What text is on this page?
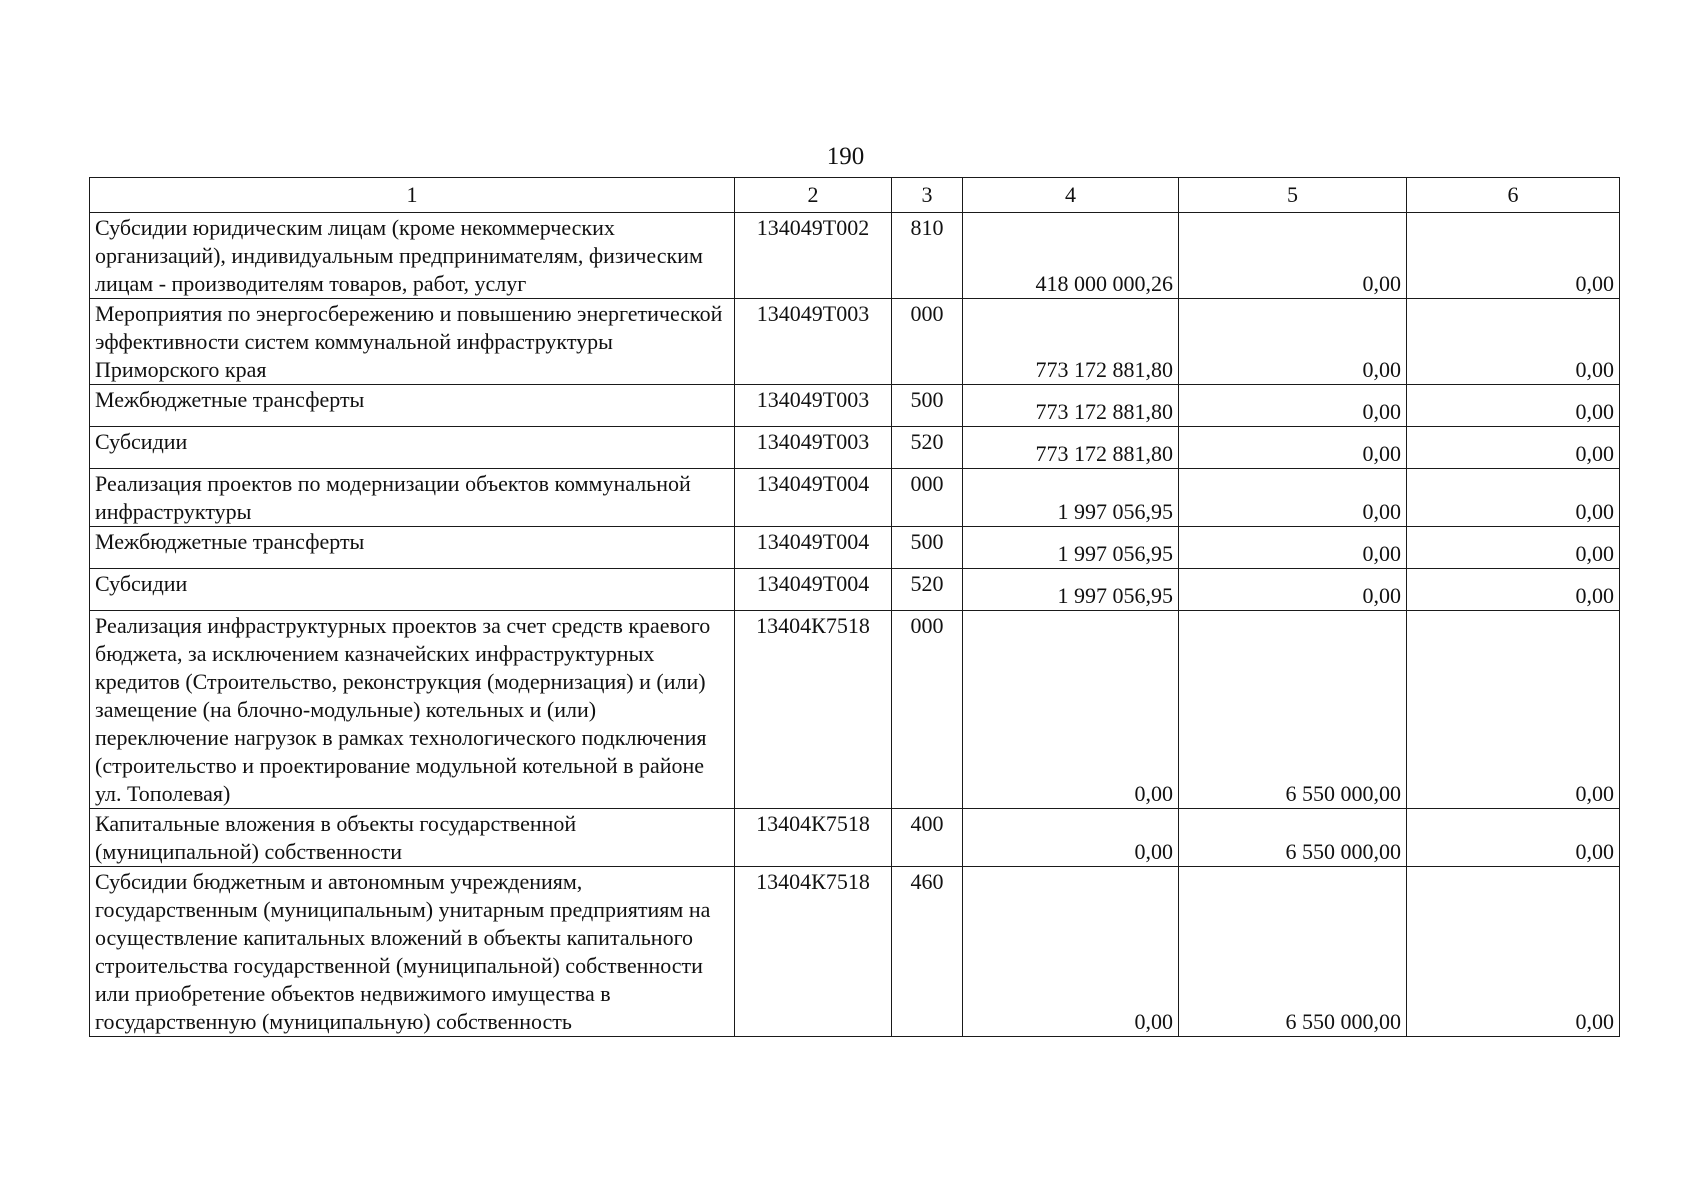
190
1	2	3	4	5	6
Субсидии юридическим лицам (кроме некоммерческих организаций), индивидуальным предпринимателям, физическим лицам - производителям товаров, работ, услуг	134049Т002	810	418 000 000,26	0,00	0,00
Мероприятия по энергосбережению и повышению энергетической эффективности систем коммунальной инфраструктуры Приморского края	134049Т003	000	773 172 881,80	0,00	0,00
Межбюджетные трансферты	134049Т003	500	773 172 881,80	0,00	0,00
Субсидии	134049Т003	520	773 172 881,80	0,00	0,00
Реализация проектов по модернизации объектов коммунальной инфраструктуры	134049Т004	000	1 997 056,95	0,00	0,00
Межбюджетные трансферты	134049Т004	500	1 997 056,95	0,00	0,00
Субсидии	134049Т004	520	1 997 056,95	0,00	0,00
Реализация инфраструктурных проектов за счет средств краевого бюджета, за исключением казначейских инфраструктурных кредитов (Строительство, реконструкция (модернизация) и (или) замещение (на блочно-модульные) котельных и (или) переключение нагрузок в рамках технологического подключения (строительство и проектирование модульной котельной в районе ул. Тополевая)	13404К7518	000	0,00	6 550 000,00	0,00
Капитальные вложения в объекты государственной (муниципальной) собственности	13404К7518	400	0,00	6 550 000,00	0,00
Субсидии бюджетным и автономным учреждениям, государственным (муниципальным) унитарным предприятиям на осуществление капитальных вложений в объекты капитального строительства государственной (муниципальной) собственности или приобретение объектов недвижимого имущества в государственную (муниципальную) собственность	13404К7518	460	0,00	6 550 000,00	0,00
